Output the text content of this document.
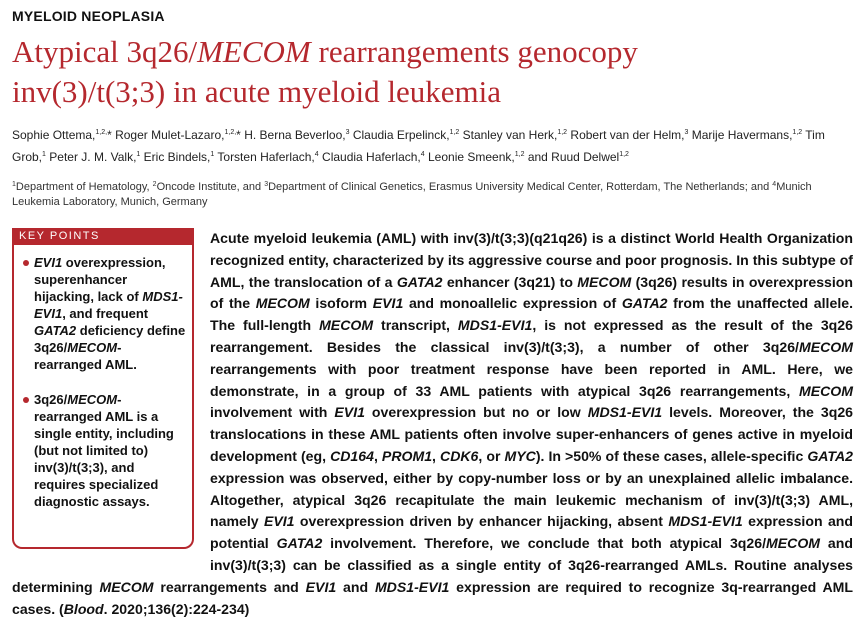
MYELOID NEOPLASIA
Atypical 3q26/MECOM rearrangements genocopy
inv(3)/t(3;3) in acute myeloid leukemia
Sophie Ottema,$^{1,2,}$* Roger Mulet-Lazaro,$^{1,2,}$* H. Berna Beverloo,$^3$ Claudia Erpelinck,$^{1,2}$ Stanley van Herk,$^{1,2}$ Robert van der Helm,$^3$ Marije Havermans,$^{1,2}$ Tim Grob,$^1$ Peter J. M. Valk,$^1$ Eric Bindels,$^1$ Torsten Haferlach,$^4$ Claudia Haferlach,$^4$ Leonie Smeenk,$^{1,2}$ and Ruud Delwel$^{1,2}$
$^1$Department of Hematology, $^2$Oncode Institute, and $^3$Department of Clinical Genetics, Erasmus University Medical Center, Rotterdam, The Netherlands; and $^4$Munich Leukemia Laboratory, Munich, Germany
KEY POINTS
EVI1 overexpression, superenhancer hijacking, lack of MDS1-EVI1, and frequent GATA2 deficiency define 3q26/MECOM-rearranged AML.
3q26/MECOM-rearranged AML is a single entity, including (but not limited to) inv(3)/t(3;3), and requires specialized diagnostic assays.

Acute myeloid leukemia (AML) with inv(3)/t(3;3)(q21q26) is a distinct World Health Organization recognized entity, characterized by its aggressive course and poor prognosis. In this subtype of AML, the translocation of a GATA2 enhancer (3q21) to MECOM (3q26) results in overexpression of the MECOM isoform EVI1 and monoallelic expression of GATA2 from the unaffected allele. The full-length MECOM transcript, MDS1-EVI1, is not expressed as the result of the 3q26 rearrangement. Besides the classical inv(3)/t(3;3), a number of other 3q26/MECOM rearrangements with poor treatment response have been reported in AML. Here, we demonstrate, in a group of 33 AML patients with atypical 3q26 rearrangements, MECOM involvement with EVI1 overexpression but no or low MDS1-EVI1 levels. Moreover, the 3q26 translocations in these AML patients often involve super-enhancers of genes active in myeloid development (eg, CD164, PROM1, CDK6, or MYC). In >50% of these cases, allele-specific GATA2 expression was observed, either by copy-number loss or by an unexplained allelic imbalance. Altogether, atypical 3q26 recapitulate the main leukemic mechanism of inv(3)/t(3;3) AML, namely EVI1 overexpression driven by enhancer hijacking, absent MDS1-EVI1 expression and potential GATA2 involvement. Therefore, we conclude that both atypical 3q26/MECOM and inv(3)/t(3;3) can be classified as a single entity of 3q26-rearranged AMLs. Routine analyses determining MECOM rearrangements and EVI1 and MDS1-EVI1 expression are required to recognize 3q-rearranged AML cases. (Blood. 2020;136(2):224-234)
